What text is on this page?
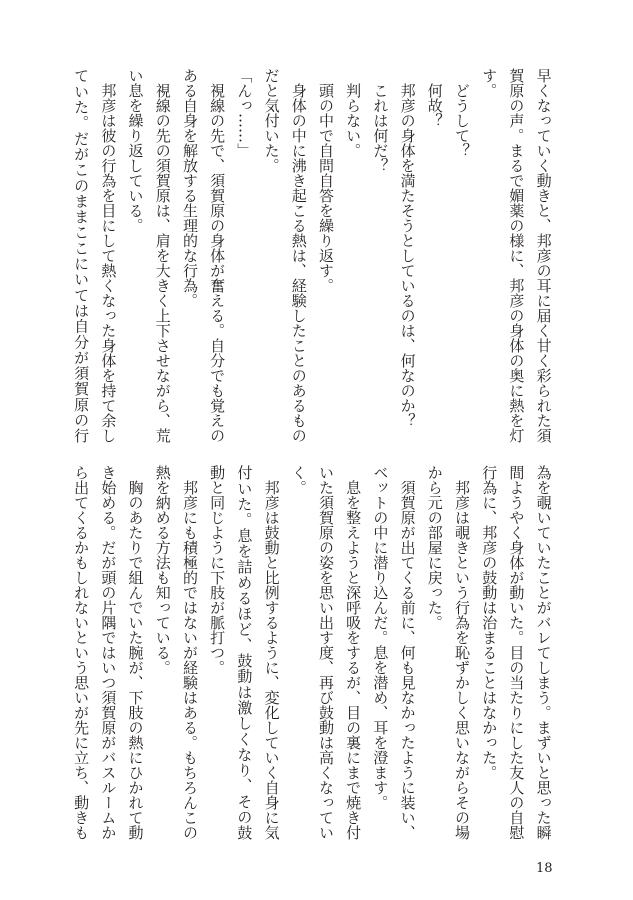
早くなっていく動きと、邦彦の耳に届く甘く彩られた須
賀原の声。まるで媚薬の様に、邦彦の身体の奥に熱を灯
す。
　どうして？
　何故？
　邦彦の身体を満たそうとしているのは、何なのか？
　これは何だ？
　判らない。
　頭の中で自問自答を繰り返す。
　身体の中に沸き起こる熱は、経験したことのあるもの
だと気付いた。
「んっ……」
　視線の先で、須賀原の身体が奮える。自分でも覚えの
ある自身を解放する生理的な行為。
　視線の先の須賀原は、肩を大きく上下させながら、荒
い息を繰り返している。
　邦彦は彼の行為を目にして熱くなった身体を持て余し
ていた。だがこのままここにいては自分が須賀原の行
為を覗いていたことがバレてしまう。まずいと思った瞬
間ようやく身体が動いた。目の当たりにした友人の自慰
行為に、邦彦の鼓動は治まることはなかった。
　邦彦は覗きという行為を恥ずかしく思いながらその場
から元の部屋に戻った。
　須賀原が出てくる前に、何も見なかったように装い、
ベットの中に潜り込んだ。息を潜め、耳を澄ます。
　息を整えようと深呼吸をするが、目の裏にまで焼き付
いた須賀原の姿を思い出す度、再び鼓動は高くなってい
く。
　邦彦は鼓動と比例するように、変化していく自身に気
付いた。息を詰めるほど、鼓動は激しくなり、その鼓
動と同じように下肢が脈打つ。
　邦彦にも積極的ではないが経験はある。もちろんこの
熱を納める方法も知っている。
　胸のあたりで組んでいた腕が、下肢の熱にひかれて動
き始める。だが頭の片隅ではいつ須賀原がバスルームか
ら出てくるかもしれないという思いが先に立ち、動きも
18
